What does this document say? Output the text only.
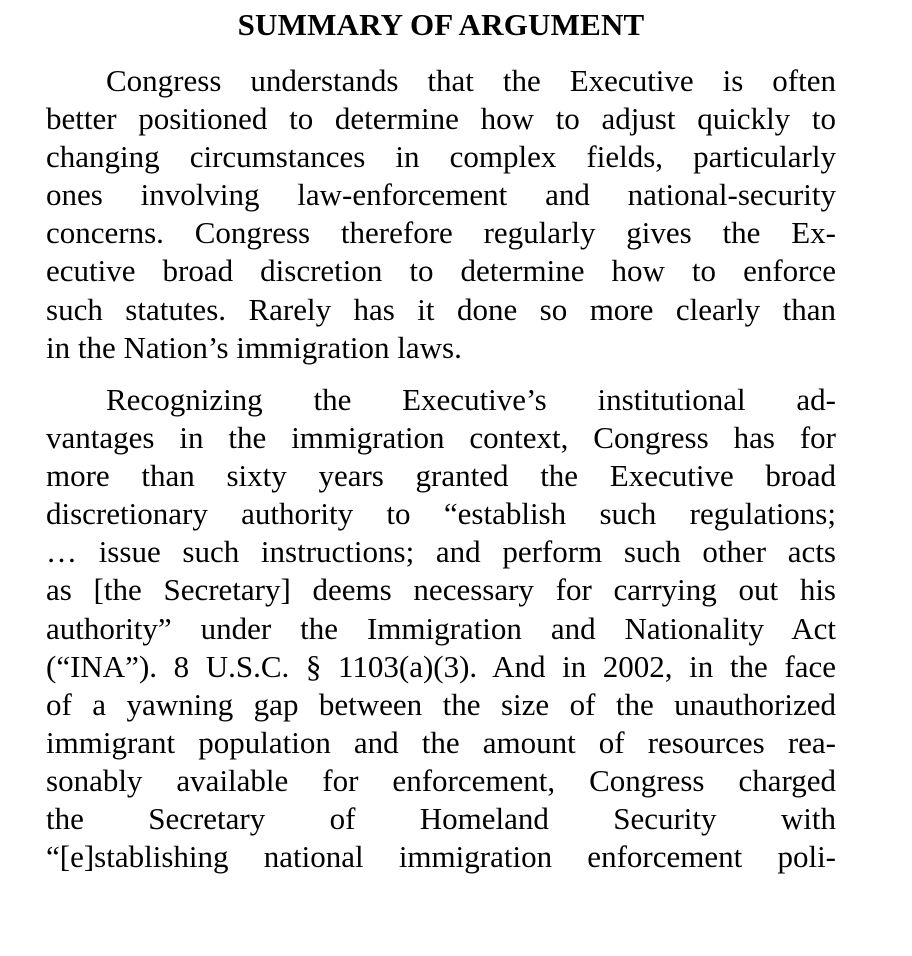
SUMMARY OF ARGUMENT
Congress understands that the Executive is often
better positioned to determine how to adjust quickly to
changing circumstances in complex fields, particularly
ones involving law-enforcement and national-security
concerns. Congress therefore regularly gives the Ex-
ecutive broad discretion to determine how to enforce
such statutes. Rarely has it done so more clearly than
in the Nation’s immigration laws.
Recognizing the Executive’s institutional ad-
vantages in the immigration context, Congress has for
more than sixty years granted the Executive broad
discretionary authority to “establish such regulations;
… issue such instructions; and perform such other acts
as [the Secretary] deems necessary for carrying out his
authority” under the Immigration and Nationality Act
(“INA”). 8 U.S.C. § 1103(a)(3). And in 2002, in the face
of a yawning gap between the size of the unauthorized
immigrant population and the amount of resources rea-
sonably available for enforcement, Congress charged
the Secretary of Homeland Security with
“[e]stablishing national immigration enforcement poli-
